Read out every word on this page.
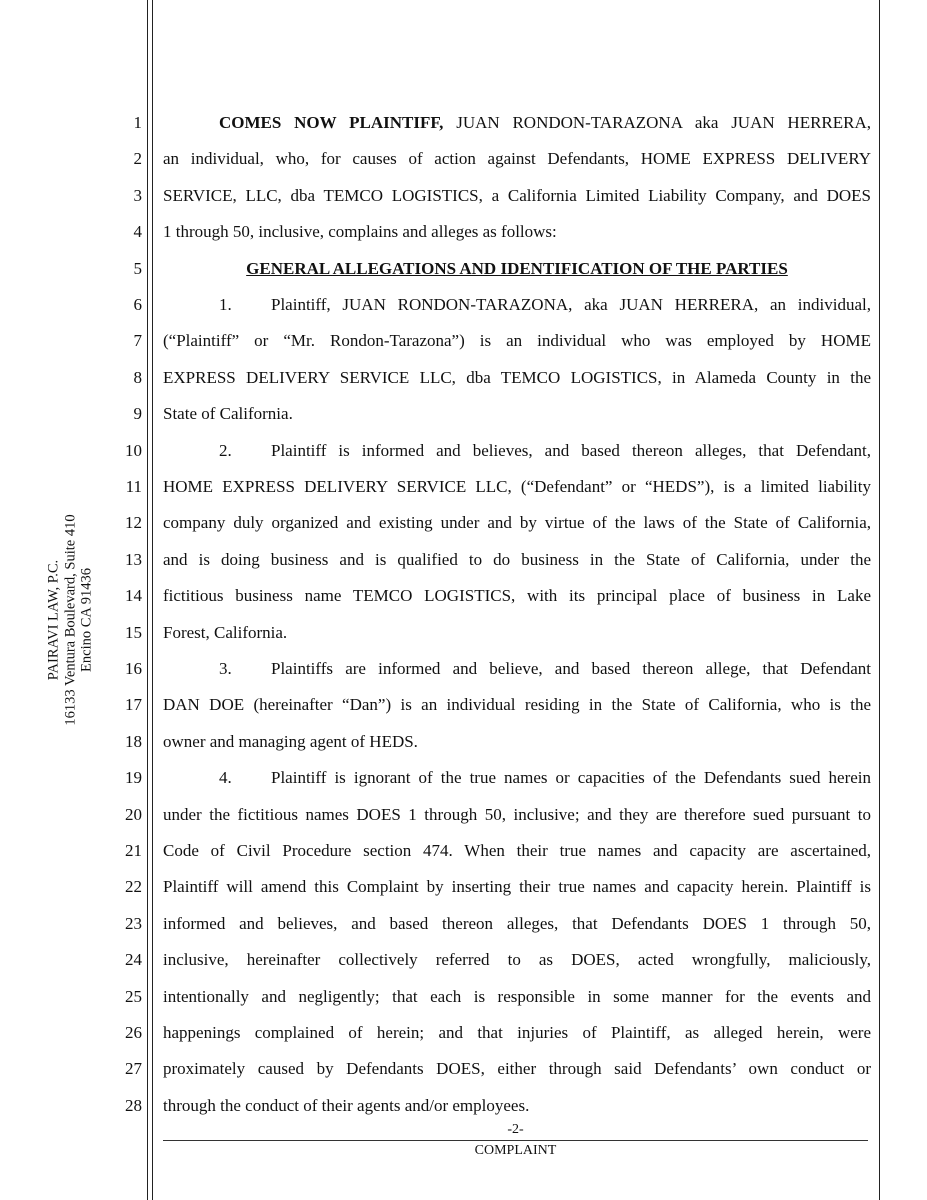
PAIRAVI LAW, P.C. 16133 Ventura Boulevard, Suite 410 Encino CA 91436
1
2
3
4
5
6
7
8
9
10
11
12
13
14
15
16
17
18
19
20
21
22
23
24
25
26
27
28
COMES NOW PLAINTIFF, JUAN RONDON-TARAZONA aka JUAN HERRERA,
an individual, who, for causes of action against Defendants, HOME EXPRESS DELIVERY
SERVICE, LLC, dba TEMCO LOGISTICS, a California Limited Liability Company, and DOES
1 through 50, inclusive, complains and alleges as follows:
GENERAL ALLEGATIONS AND IDENTIFICATION OF THE PARTIES
1. Plaintiff, JUAN RONDON-TARAZONA, aka JUAN HERRERA, an individual,
(“Plaintiff” or “Mr. Rondon-Tarazona”) is an individual who was employed by HOME
EXPRESS DELIVERY SERVICE LLC, dba TEMCO LOGISTICS, in Alameda County in the
State of California.
2. Plaintiff is informed and believes, and based thereon alleges, that Defendant,
HOME EXPRESS DELIVERY SERVICE LLC, (“Defendant” or “HEDS”), is a limited liability
company duly organized and existing under and by virtue of the laws of the State of California,
and is doing business and is qualified to do business in the State of California, under the
fictitious business name TEMCO LOGISTICS, with its principal place of business in Lake
Forest, California.
3. Plaintiffs are informed and believe, and based thereon allege, that Defendant
DAN DOE (hereinafter “Dan”) is an individual residing in the State of California, who is the
owner and managing agent of HEDS.
4. Plaintiff is ignorant of the true names or capacities of the Defendants sued herein
under the fictitious names DOES 1 through 50, inclusive; and they are therefore sued pursuant to
Code of Civil Procedure section 474. When their true names and capacity are ascertained,
Plaintiff will amend this Complaint by inserting their true names and capacity herein. Plaintiff is
informed and believes, and based thereon alleges, that Defendants DOES 1 through 50,
inclusive, hereinafter collectively referred to as DOES, acted wrongfully, maliciously,
intentionally and negligently; that each is responsible in some manner for the events and
happenings complained of herein; and that injuries of Plaintiff, as alleged herein, were
proximately caused by Defendants DOES, either through said Defendants’ own conduct or
through the conduct of their agents and/or employees.
-2-
COMPLAINT
